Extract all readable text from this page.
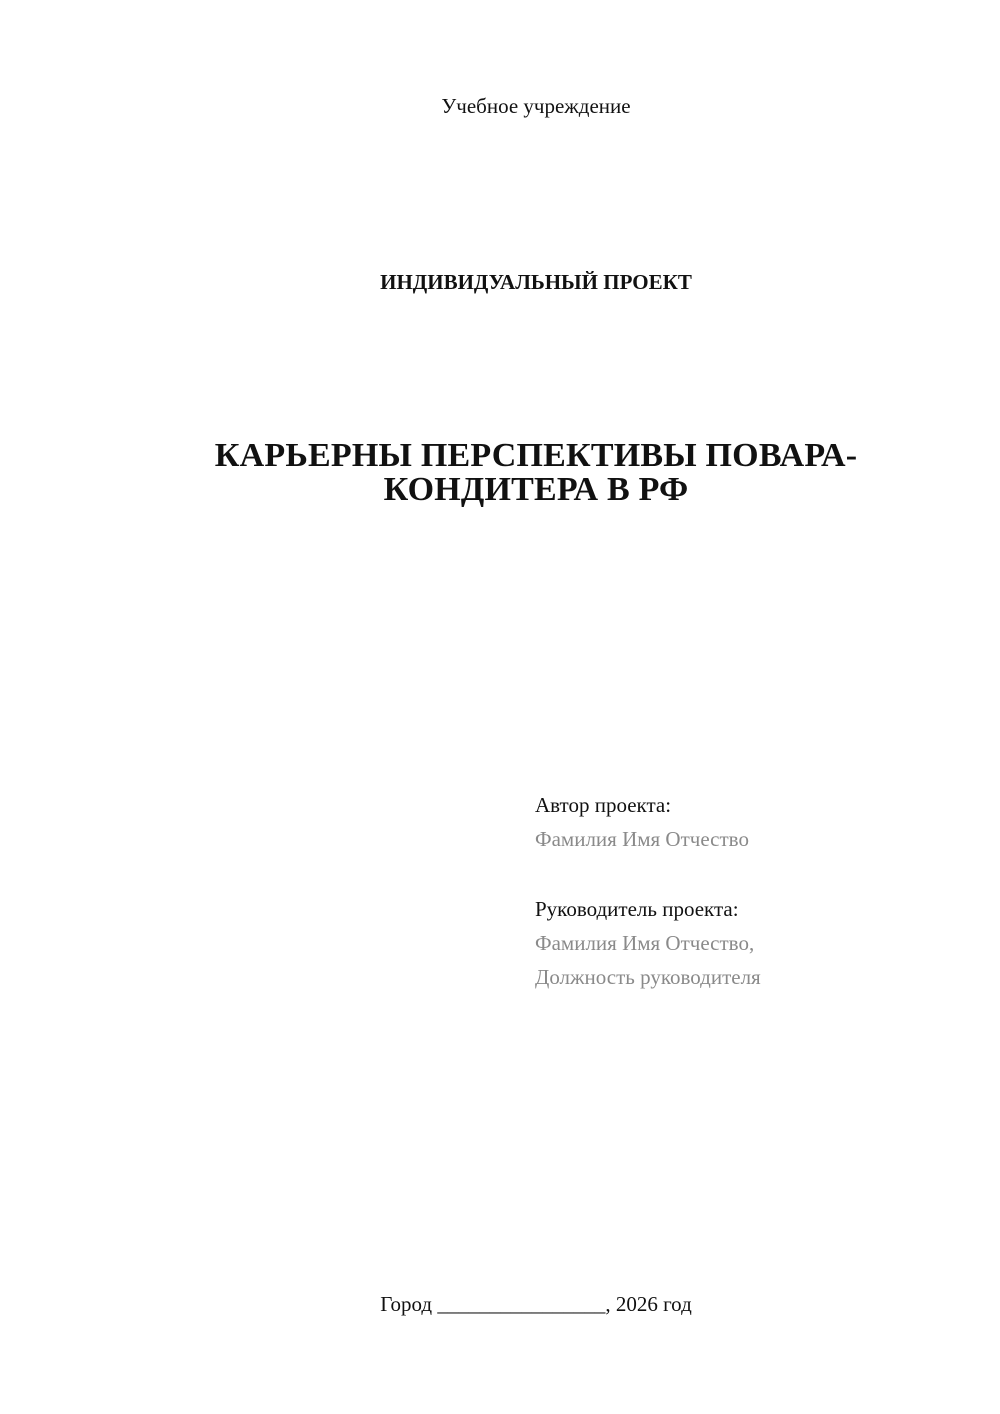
Учебное учреждение
ИНДИВИДУАЛЬНЫЙ ПРОЕКТ
КАРЬЕРНЫ ПЕРСПЕКТИВЫ ПОВАРА-
КОНДИТЕРА В РФ
Автор проекта:
Фамилия Имя Отчество
Руководитель проекта:
Фамилия Имя Отчество,
Должность руководителя
Город ________________, 2026 год
